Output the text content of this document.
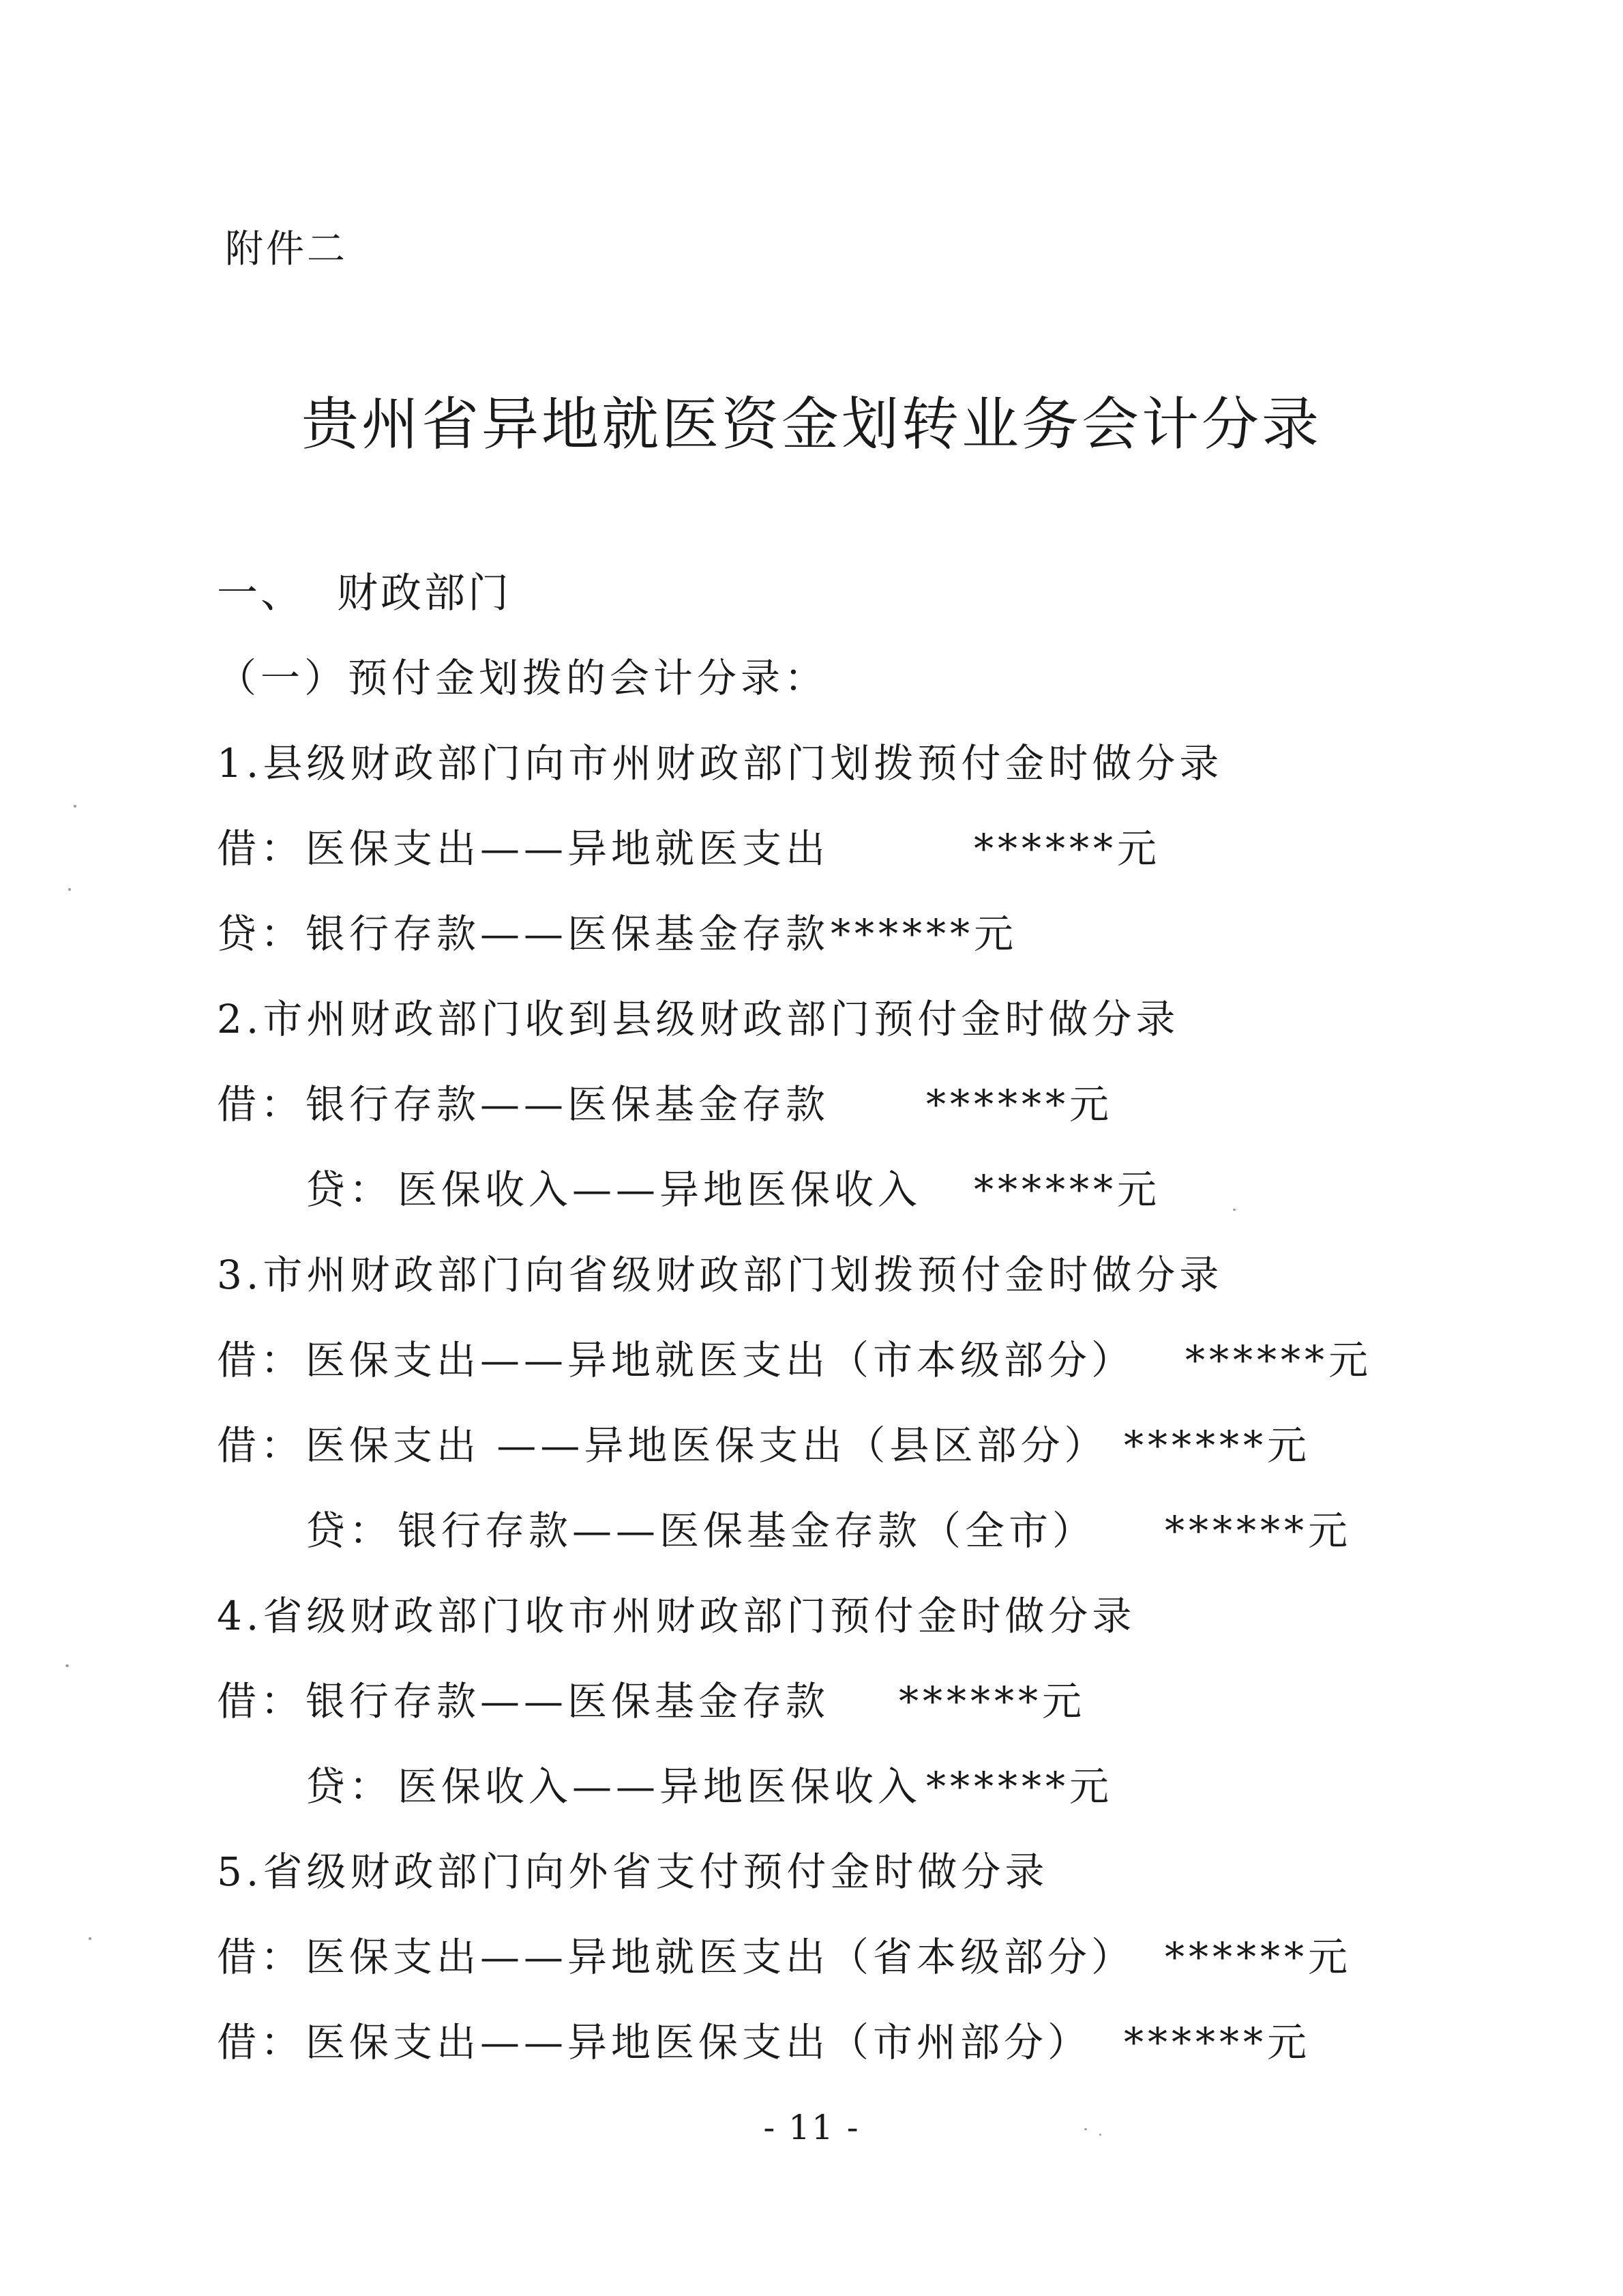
附件二
贵州省异地就医资金划转业务会计分录
一、 财政部门
（一）预付金划拨的会计分录：
1.县级财政部门向市州财政部门划拨预付金时做分录
借： 医保支出——异地就医支出	******元
贷： 银行存款——医保基金存款 ******元
2.市州财政部门收到县级财政部门预付金时做分录
借： 银行存款——医保基金存款 ******元
贷： 医保收入——异地医保收入 ******元
3.市州财政部门向省级财政部门划拨预付金时做分录
借： 医保支出——异地就医支出（市本级部分） ******元
借： 医保支出 ——异地医保支出（县区部分） ******元
贷： 银行存款——医保基金存款（全市） ******元
4.省级财政部门收市州财政部门预付金时做分录
借： 银行存款——医保基金存款 ******元
贷： 医保收入——异地医保收入 ******元
5.省级财政部门向外省支付预付金时做分录
借： 医保支出——异地就医支出（省本级部分） ******元
借： 医保支出——异地医保支出（市州部分） ******元
- 11 -
